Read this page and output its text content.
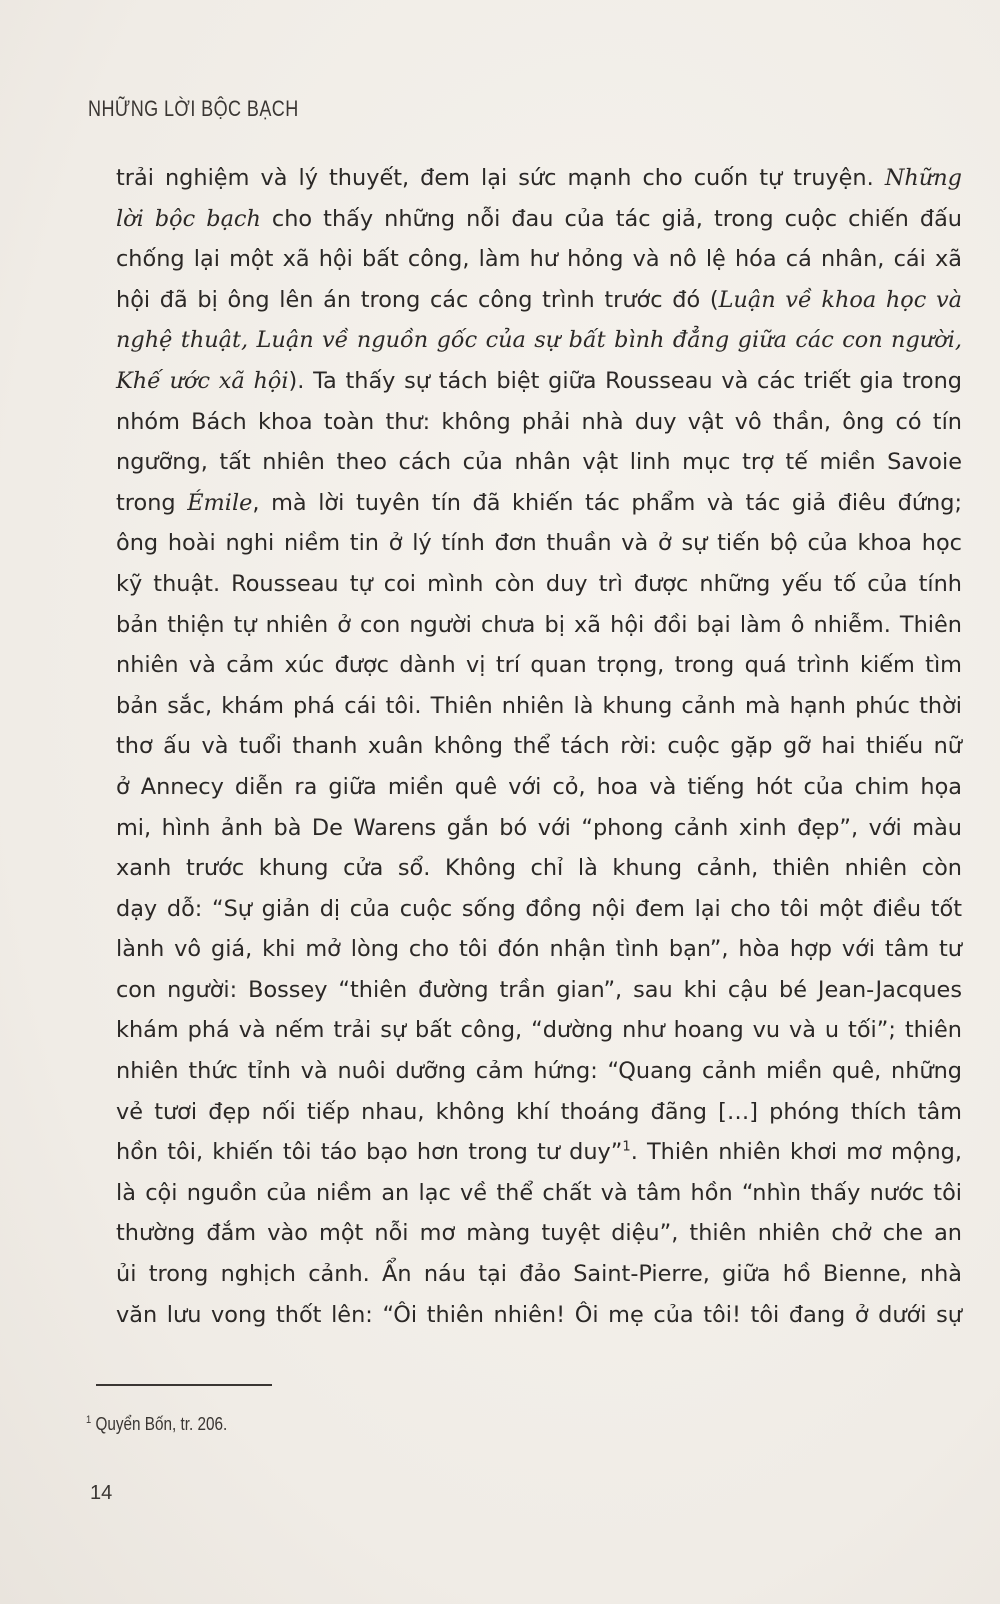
NHỮNG LỜI BỘC BẠCH
trải nghiệm và lý thuyết, đem lại sức mạnh cho cuốn tự truyện. Những
lời bộc bạch cho thấy những nỗi đau của tác giả, trong cuộc chiến đấu
chống lại một xã hội bất công, làm hư hỏng và nô lệ hóa cá nhân, cái xã
hội đã bị ông lên án trong các công trình trước đó (Luận về khoa học và
nghệ thuật, Luận về nguồn gốc của sự bất bình đẳng giữa các con người,
Khế ước xã hội). Ta thấy sự tách biệt giữa Rousseau và các triết gia trong
nhóm Bách khoa toàn thư: không phải nhà duy vật vô thần, ông có tín
ngưỡng, tất nhiên theo cách của nhân vật linh mục trợ tế miền Savoie
trong Émile, mà lời tuyên tín đã khiến tác phẩm và tác giả điêu đứng;
ông hoài nghi niềm tin ở lý tính đơn thuần và ở sự tiến bộ của khoa học
kỹ thuật. Rousseau tự coi mình còn duy trì được những yếu tố của tính
bản thiện tự nhiên ở con người chưa bị xã hội đồi bại làm ô nhiễm. Thiên
nhiên và cảm xúc được dành vị trí quan trọng, trong quá trình kiếm tìm
bản sắc, khám phá cái tôi. Thiên nhiên là khung cảnh mà hạnh phúc thời
thơ ấu và tuổi thanh xuân không thể tách rời: cuộc gặp gỡ hai thiếu nữ
ở Annecy diễn ra giữa miền quê với cỏ, hoa và tiếng hót của chim họa
mi, hình ảnh bà De Warens gắn bó với “phong cảnh xinh đẹp”, với màu
xanh trước khung cửa sổ. Không chỉ là khung cảnh, thiên nhiên còn
dạy dỗ: “Sự giản dị của cuộc sống đồng nội đem lại cho tôi một điều tốt
lành vô giá, khi mở lòng cho tôi đón nhận tình bạn”, hòa hợp với tâm tư
con người: Bossey “thiên đường trần gian”, sau khi cậu bé Jean-Jacques
khám phá và nếm trải sự bất công, “dường như hoang vu và u tối”; thiên
nhiên thức tỉnh và nuôi dưỡng cảm hứng: “Quang cảnh miền quê, những
vẻ tươi đẹp nối tiếp nhau, không khí thoáng đãng […] phóng thích tâm
hồn tôi, khiến tôi táo bạo hơn trong tư duy”$^1$. Thiên nhiên khơi mơ mộng,
là cội nguồn của niềm an lạc về thể chất và tâm hồn “nhìn thấy nước tôi
thường đắm vào một nỗi mơ màng tuyệt diệu”, thiên nhiên chở che an
ủi trong nghịch cảnh. Ẩn náu tại đảo Saint-Pierre, giữa hồ Bienne, nhà
văn lưu vong thốt lên: “Ôi thiên nhiên! Ôi mẹ của tôi! tôi đang ở dưới sự
$^1$ Quyển Bốn, tr. 206.
14
